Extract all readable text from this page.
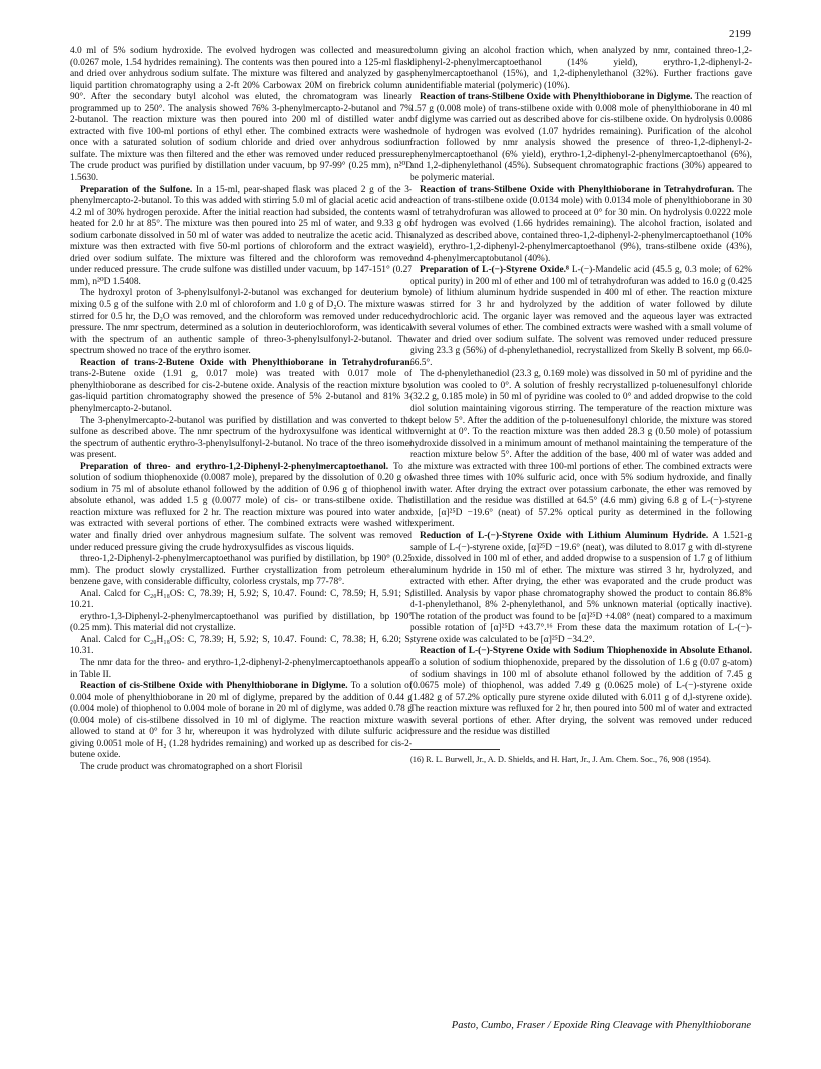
2199

4.0 ml of 5% sodium hydroxide. The evolved hydrogen was collected and measured (0.0267 mole, 1.54 hydrides remaining). The contents was then poured into a 125-ml flask and dried over anhydrous sodium sulfate. The mixture was filtered and analyzed by gas-liquid partition chromatography using a 2-ft 20% Carbowax 20M on firebrick column at 90°. After the secondary butyl alcohol was eluted, the chromatogram was linearly programmed up to 250°. The analysis showed 76% 3-phenylmercapto-2-butanol and 7% 2-butanol. The reaction mixture was then poured into 200 ml of distilled water and extracted with five 100-ml portions of ethyl ether. The combined extracts were washed once with a saturated solution of sodium chloride and dried over anhydrous sodium sulfate. The mixture was then filtered and the ether was removed under reduced pressure. The crude product was purified by distillation under vacuum, bp 97-99° (0.25 mm), n²⁰D 1.5630.

Preparation of the Sulfone. In a 15-ml, pear-shaped flask was placed 2 g of the 3-phenylmercapto-2-butanol. To this was added with stirring 5.0 ml of glacial acetic acid and 4.2 ml of 30% hydrogen peroxide. After the initial reaction had subsided, the contents was heated for 2.0 hr at 85°. The mixture was then poured into 25 ml of water, and 9.33 g of sodium carbonate dissolved in 50 ml of water was added to neutralize the acetic acid. This mixture was then extracted with five 50-ml portions of chloroform and the extract was dried over sodium sulfate. The mixture was filtered and the chloroform was removed under reduced pressure. The crude sulfone was distilled under vacuum, bp 147-151° (0.27 mm), n²⁰D 1.5408.

The hydroxyl proton of 3-phenylsulfonyl-2-butanol was exchanged for deuterium by mixing 0.5 g of the sulfone with 2.0 ml of chloroform and 1.0 g of D₂O. The mixture was stirred for 0.5 hr, the D₂O was removed, and the chloroform was removed under reduced pressure. The nmr spectrum, determined as a solution in deuteriochloroform, was identical with the spectrum of an authentic sample of threo-3-phenylsulfonyl-2-butanol. The spectrum showed no trace of the erythro isomer.

Reaction of trans-2-Butene Oxide with Phenylthioborane in Tetrahydrofuran. trans-2-Butene oxide (1.91 g, 0.017 mole) was treated with 0.017 mole of phenylthioborane as described for cis-2-butene oxide. Analysis of the reaction mixture by gas-liquid partition chromatography showed the presence of 5% 2-butanol and 81% 3-phenylmercapto-2-butanol.

The 3-phenylmercapto-2-butanol was purified by distillation and was converted to the sulfone as described above. The nmr spectrum of the hydroxysulfone was identical with the spectrum of authentic erythro-3-phenylsulfonyl-2-butanol. No trace of the threo isomer was present.

Preparation of threo- and erythro-1,2-Diphenyl-2-phenylmercaptoethanol. To a solution of sodium thiophenoxide (0.0087 mole), prepared by the dissolution of 0.20 g of sodium in 75 ml of absolute ethanol followed by the addition of 0.96 g of thiophenol in absolute ethanol, was added 1.5 g (0.0077 mole) of cis- or trans-stilbene oxide. The reaction mixture was refluxed for 2 hr. The reaction mixture was poured into water and was extracted with several portions of ether. The combined extracts were washed with water and finally dried over anhydrous magnesium sulfate. The solvent was removed under reduced pressure giving the crude hydroxysulfides as viscous liquids.

threo-1,2-Diphenyl-2-phenylmercaptoethanol was purified by distillation, bp 190° (0.25 mm). The product slowly crystallized. Further crystallization from petroleum ether-benzene gave, with considerable difficulty, colorless crystals, mp 77-78°.

Anal. Calcd for C₂₀H₁₈OS: C, 78.39; H, 5.92; S, 10.47. Found: C, 78.59; H, 5.91; S, 10.21.

erythro-1,3-Diphenyl-2-phenylmercaptoethanol was purified by distillation, bp 190° (0.25 mm). This material did not crystallize.

Anal. Calcd for C₂₀H₁₈OS: C, 78.39; H, 5.92; S, 10.47. Found: C, 78.38; H, 6.20; S, 10.31.

The nmr data for the threo- and erythro-1,2-diphenyl-2-phenylmercaptoethanols appear in Table II.

Reaction of cis-Stilbene Oxide with Phenylthioborane in Diglyme. To a solution of 0.004 mole of phenylthioborane in 20 ml of diglyme, prepared by the addition of 0.44 g (0.004 mole) of thiophenol to 0.004 mole of borane in 20 ml of diglyme, was added 0.78 g (0.004 mole) of cis-stilbene dissolved in 10 ml of diglyme. The reaction mixture was allowed to stand at 0° for 3 hr, whereupon it was hydrolyzed with dilute sulfuric acid giving 0.0051 mole of H₂ (1.28 hydrides remaining) and worked up as described for cis-2-butene oxide.

The crude product was chromatographed on a short Florisil

column giving an alcohol fraction which, when analyzed by nmr, contained threo-1,2-diphenyl-2-phenylmercaptoethanol (14% yield), erythro-1,2-diphenyl-2-phenylmercaptoethanol (15%), and 1,2-diphenylethanol (32%). Further fractions gave unidentifiable material (polymeric) (10%).

Reaction of trans-Stilbene Oxide with Phenylthioborane in Diglyme. The reaction of 1.57 g (0.008 mole) of trans-stilbene oxide with 0.008 mole of phenylthioborane in 40 ml of diglyme was carried out as described above for cis-stilbene oxide. On hydrolysis 0.0086 mole of hydrogen was evolved (1.07 hydrides remaining). Purification of the alcohol fraction followed by nmr analysis showed the presence of threo-1,2-diphenyl-2-phenylmercaptoethanol (6% yield), erythro-1,2-diphenyl-2-phenylmercaptoethanol (6%), and 1,2-diphenylethanol (45%). Subsequent chromatographic fractions (30%) appeared to be polymeric material.

Reaction of trans-Stilbene Oxide with Phenylthioborane in Tetrahydrofuran. The reaction of trans-stilbene oxide (0.0134 mole) with 0.0134 mole of phenylthioborane in 30 ml of tetrahydrofuran was allowed to proceed at 0° for 30 min. On hydrolysis 0.0222 mole of hydrogen was evolved (1.66 hydrides remaining). The alcohol fraction, isolated and analyzed as described above, contained threo-1,2-diphenyl-2-phenylmercaptoethanol (10% yield), erythro-1,2-diphenyl-2-phenylmercaptoethanol (9%), trans-stilbene oxide (43%), and 4-phenylmercaptobutanol (40%).

Preparation of L-(−)-Styrene Oxide.⁸ L-(−)-Mandelic acid (45.5 g, 0.3 mole; of 62% optical purity) in 200 ml of ether and 100 ml of tetrahydrofuran was added to 16.0 g (0.425 mole) of lithium aluminum hydride suspended in 400 ml of ether. The reaction mixture was stirred for 3 hr and hydrolyzed by the addition of water followed by dilute hydrochloric acid. The organic layer was removed and the aqueous layer was extracted with several volumes of ether. The combined extracts were washed with a small volume of water and dried over sodium sulfate. The solvent was removed under reduced pressure giving 23.3 g (56%) of d-phenylethanediol, recrystallized from Skelly B solvent, mp 66.0-66.5°.

The d-phenylethanediol (23.3 g, 0.169 mole) was dissolved in 50 ml of pyridine and the solution was cooled to 0°. A solution of freshly recrystallized p-toluenesulfonyl chloride (32.2 g, 0.185 mole) in 50 ml of pyridine was cooled to 0° and added dropwise to the cold diol solution maintaining vigorous stirring. The temperature of the reaction mixture was kept below 5°. After the addition of the p-toluenesulfonyl chloride, the mixture was stored overnight at 0°. To the reaction mixture was then added 28.3 g (0.50 mole) of potassium hydroxide dissolved in a minimum amount of methanol maintaining the temperature of the reaction mixture below 5°. After the addition of the base, 400 ml of water was added and the mixture was extracted with three 100-ml portions of ether. The combined extracts were washed three times with 10% sulfuric acid, once with 5% sodium hydroxide, and finally with water. After drying the extract over potassium carbonate, the ether was removed by distillation and the residue was distilled at 64.5° (4.6 mm) giving 6.8 g of L-(−)-styrene oxide, [α]²⁵D −19.6° (neat) of 57.2% optical purity as determined in the following experiment.

Reduction of L-(−)-Styrene Oxide with Lithium Aluminum Hydride. A 1.521-g sample of L-(−)-styrene oxide, [α]²⁵D −19.6° (neat), was diluted to 8.017 g with dl-styrene oxide, dissolved in 100 ml of ether, and added dropwise to a suspension of 1.7 g of lithium aluminum hydride in 150 ml of ether. The mixture was stirred 3 hr, hydrolyzed, and extracted with ether. After drying, the ether was evaporated and the crude product was distilled. Analysis by vapor phase chromatography showed the product to contain 86.8% d-1-phenylethanol, 8% 2-phenylethanol, and 5% unknown material (optically inactive). The rotation of the product was found to be [α]²⁵D +4.08° (neat) compared to a maximum possible rotation of [α]²⁵D +43.7°.¹⁶ From these data the maximum rotation of L-(−)-styrene oxide was calculated to be [α]²⁵D −34.2°.

Reaction of L-(−)-Styrene Oxide with Sodium Thiophenoxide in Absolute Ethanol. To a solution of sodium thiophenoxide, prepared by the dissolution of 1.6 g (0.07 g-atom) of sodium shavings in 100 ml of absolute ethanol followed by the addition of 7.45 g (0.0675 mole) of thiophenol, was added 7.49 g (0.0625 mole) of L-(−)-styrene oxide (1.482 g of 57.2% optically pure styrene oxide diluted with 6.011 g of d,l-styrene oxide). The reaction mixture was refluxed for 2 hr, then poured into 500 ml of water and extracted with several portions of ether. After drying, the solvent was removed under reduced pressure and the residue was distilled

(16) R. L. Burwell, Jr., A. D. Shields, and H. Hart, Jr., J. Am. Chem. Soc., 76, 908 (1954).
Pasto, Cumbo, Fraser / Epoxide Ring Cleavage with Phenylthioborane
